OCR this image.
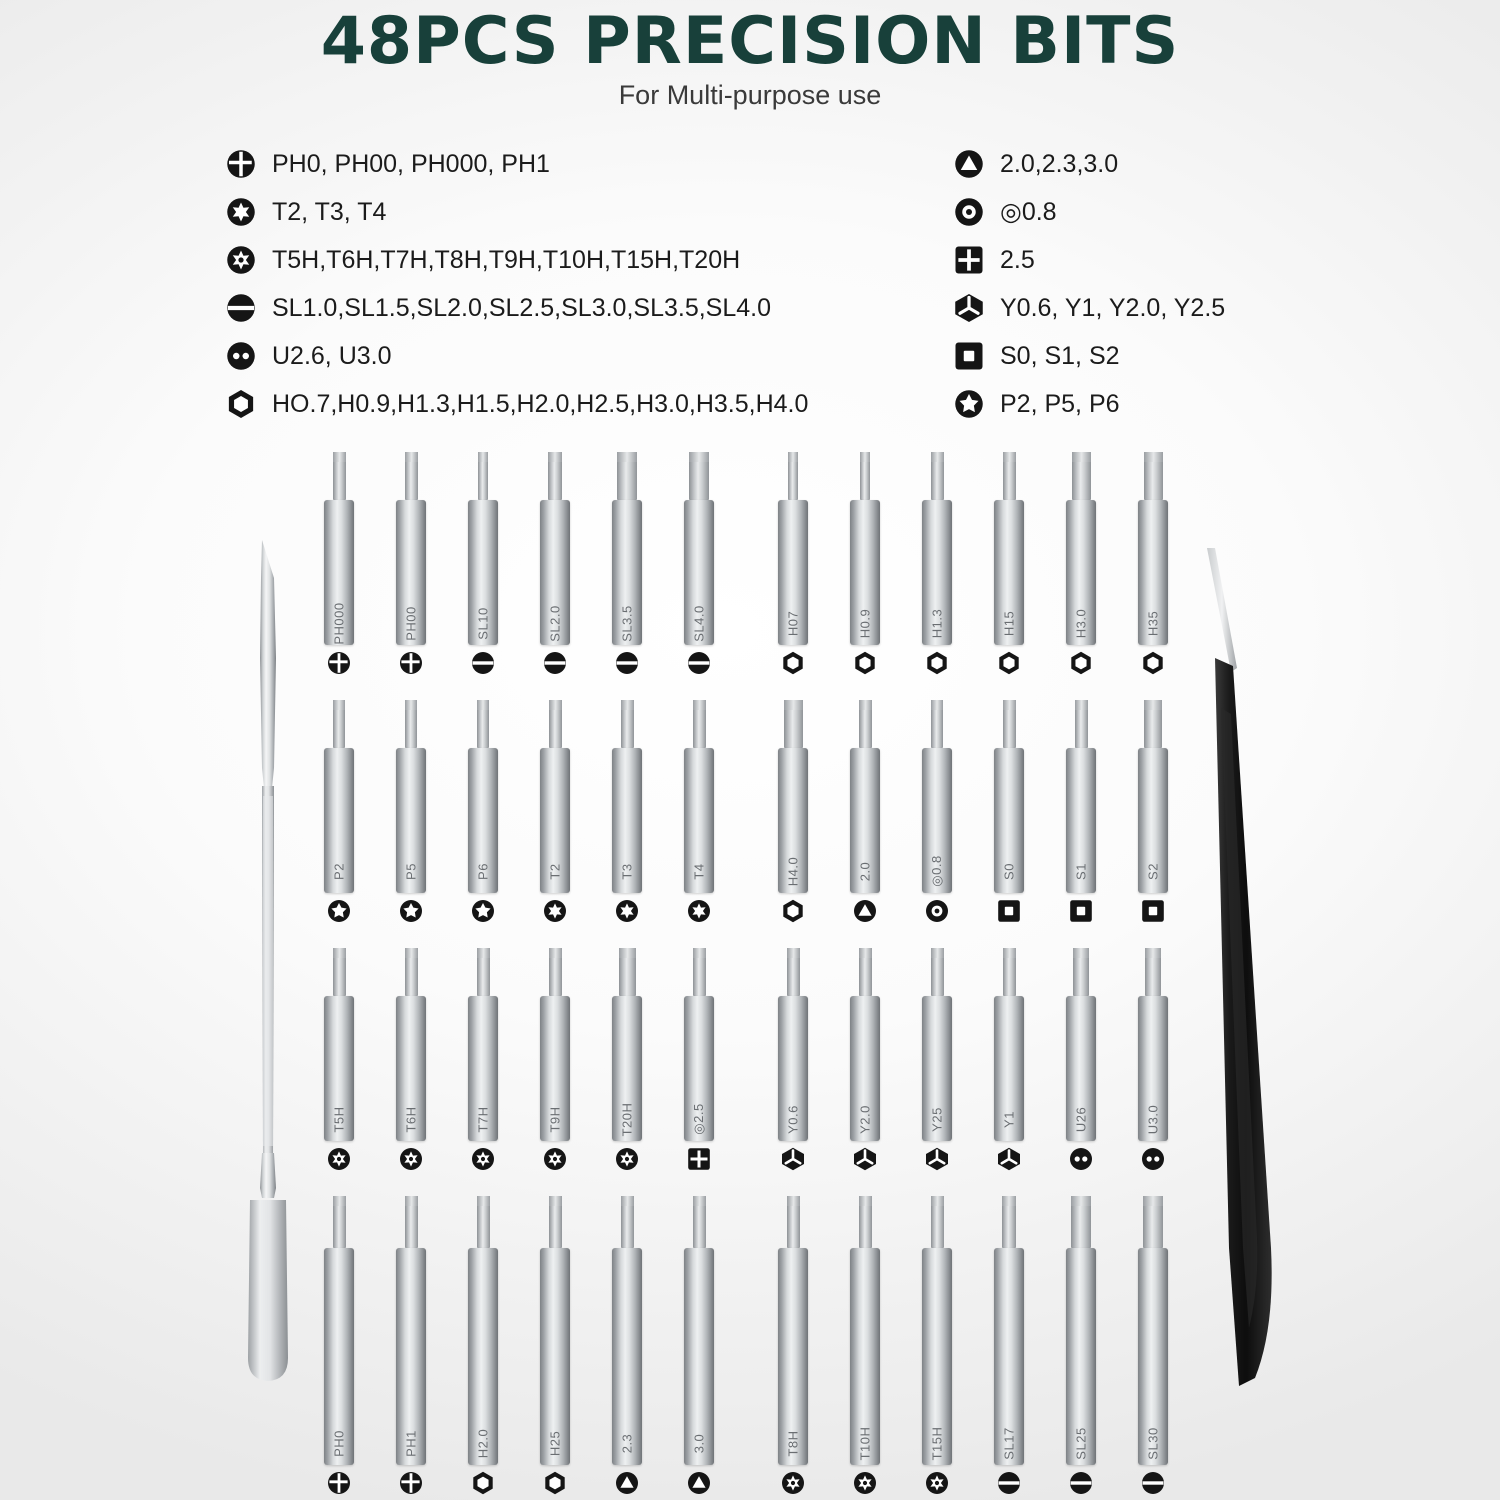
48PCS PRECISION BITS
For Multi-purpose use
PH0, PH00, PH000, PH1
T2, T3, T4
T5H,T6H,T7H,T8H,T9H,T10H,T15H,T20H
SL1.0,SL1.5,SL2.0,SL2.5,SL3.0,SL3.5,SL4.0
U2.6, U3.0
HO.7,H0.9,H1.3,H1.5,H2.0,H2.5,H3.0,H3.5,H4.0
2.0,2.3,3.0
◎0.8
2.5
Y0.6, Y1, Y2.0, Y2.5
S0, S1, S2
P2, P5, P6
PH000	PH00	SL10	SL2.0	SL3.5	SL4.0	H07	H0.9	H1.3	H15	H3.0	H35
P2	P5	P6	T2	T3	T4	H4.0	2.0	◎0.8	S0	S1	S2
T5H	T6H	T7H	T9H	T20H	◎2.5	Y0.6	Y2.0	Y25	Y1	U26	U3.0
PH0	PH1	H2.0	H25	2.3	3.0	T8H	T10H	T15H	SL17	SL25	SL30
